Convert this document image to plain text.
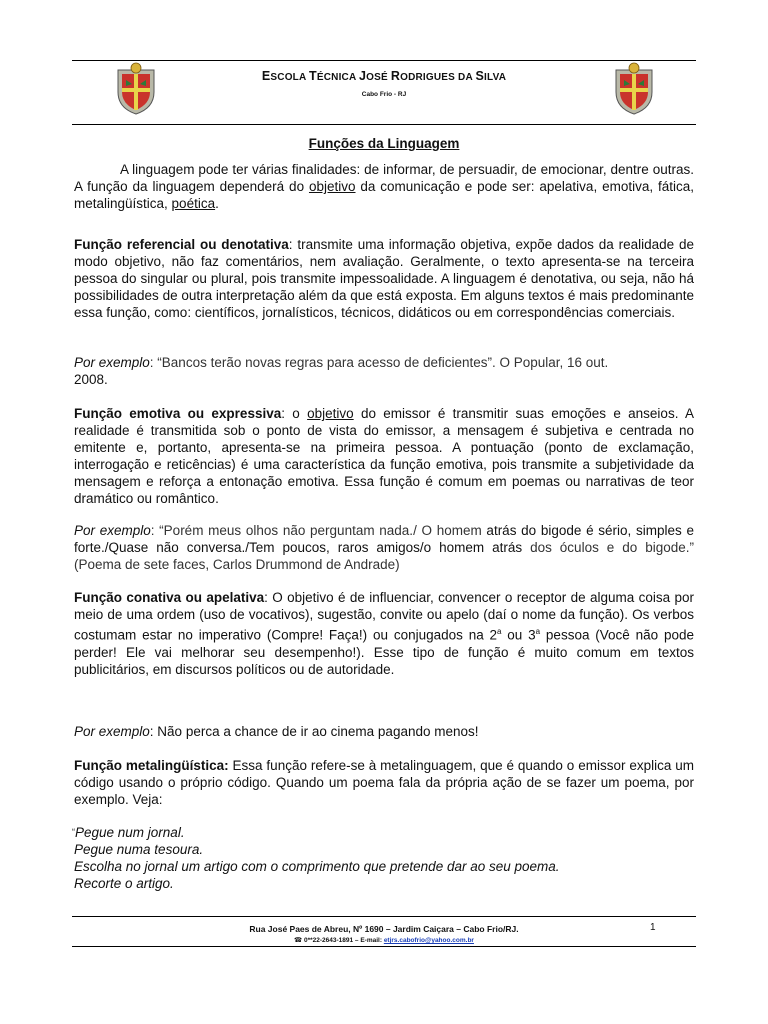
ESCOLA TÉCNICA JOSÉ RODRIGUES DA SILVA
Cabo Frio - RJ
Funções da Linguagem

A linguagem pode ter várias finalidades: de informar, de persuadir, de emocionar, dentre outras. A função da linguagem dependerá do objetivo da comunicação e pode ser: apelativa, emotiva, fática, metalingüística, poética.

Função referencial ou denotativa: transmite uma informação objetiva, expõe dados da realidade de modo objetivo, não faz comentários, nem avaliação. Geralmente, o texto apresenta-se na terceira pessoa do singular ou plural, pois transmite impessoalidade. A linguagem é denotativa, ou seja, não há possibilidades de outra interpretação além da que está exposta. Em alguns textos é mais predominante essa função, como: científicos, jornalísticos, técnicos, didáticos ou em correspondências comerciais.

Por exemplo: “Bancos terão novas regras para acesso de deficientes”. O Popular, 16 out.
2008.

Função emotiva ou expressiva: o objetivo do emissor é transmitir suas emoções e anseios. A realidade é transmitida sob o ponto de vista do emissor, a mensagem é subjetiva e centrada no emitente e, portanto, apresenta-se na primeira pessoa. A pontuação (ponto de exclamação, interrogação e reticências) é uma característica da função emotiva, pois transmite a subjetividade da mensagem e reforça a entonação emotiva. Essa função é comum em poemas ou narrativas de teor dramático ou romântico.

Por exemplo: “Porém meus olhos não perguntam nada./ O homem atrás do bigode é sério, simples e forte./Quase não conversa./Tem poucos, raros amigos/o homem atrás dos óculos e do bigode.” (Poema de sete faces, Carlos Drummond de Andrade)

Função conativa ou apelativa: O objetivo é de influenciar, convencer o receptor de alguma coisa por meio de uma ordem (uso de vocativos), sugestão, convite ou apelo (daí o nome da função). Os verbos costumam estar no imperativo (Compre! Faça!) ou conjugados na 2$^a$ ou 3$^a$ pessoa (Você não pode perder! Ele vai melhorar seu desempenho!). Esse tipo de função é muito comum em textos publicitários, em discursos políticos ou de autoridade.

Por exemplo: Não perca a chance de ir ao cinema pagando menos!

Função metalingüística: Essa função refere-se à metalinguagem, que é quando o emissor explica um código usando o próprio código. Quando um poema fala da própria ação de se fazer um poema, por exemplo. Veja:

“Pegue num jornal.
Pegue numa tesoura.
Escolha no jornal um artigo com o comprimento que pretende dar ao seu poema.
Recorte o artigo.
Rua José Paes de Abreu, Nº 1690 – Jardim Caiçara – Cabo Frio/RJ.	1
☎ 0**22-2643-1891 – E-mail: etjrs.cabofrio@yahoo.com.br
